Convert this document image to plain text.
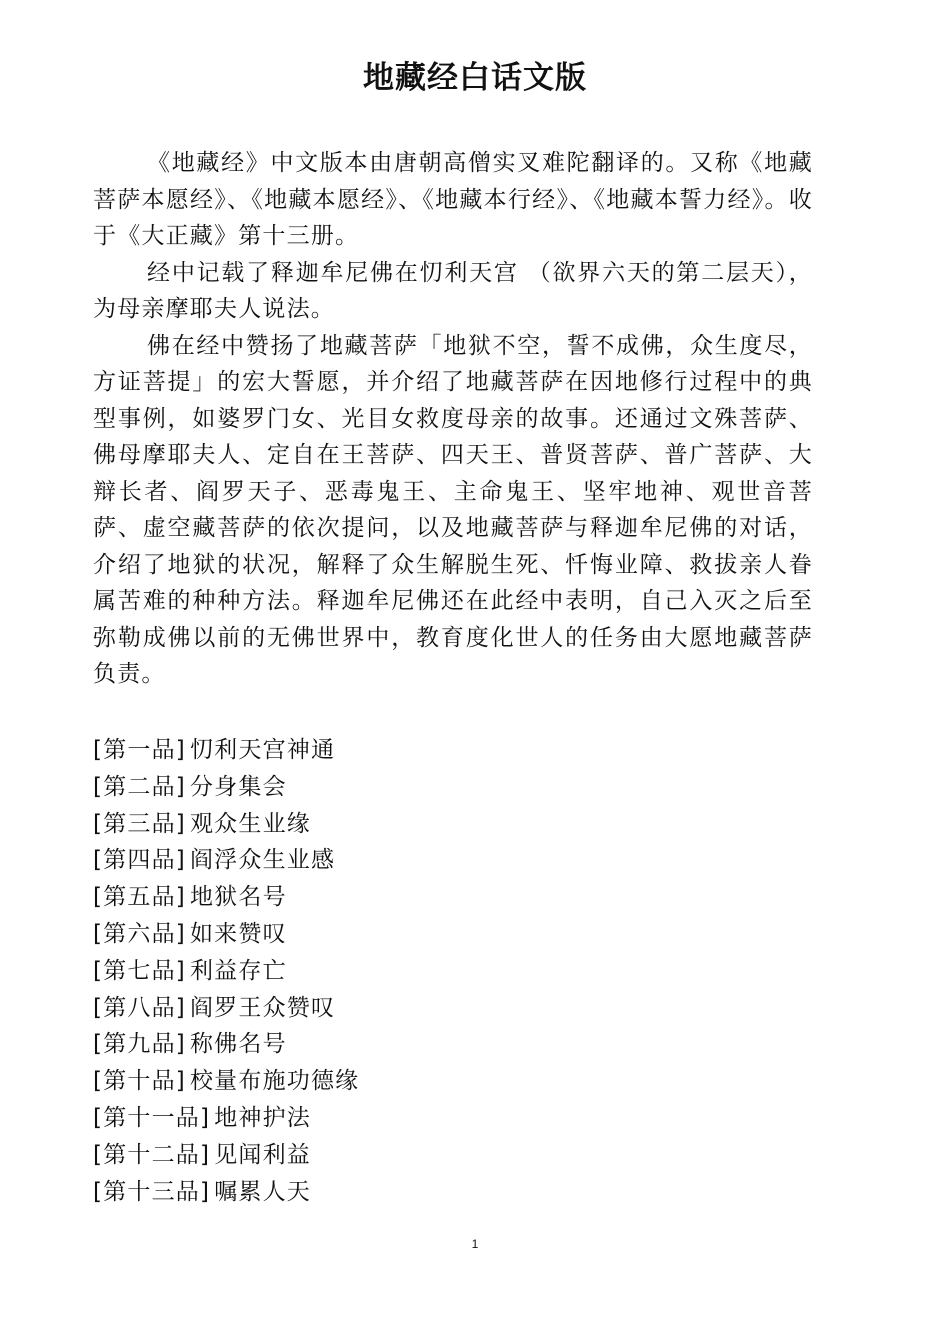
地藏经白话文版

《地藏经》中文版本由唐朝高僧实叉难陀翻译的。又称《地藏菩萨本愿经》、《地藏本愿经》、《地藏本行经》、《地藏本誓力经》。收于《大正藏》第十三册。

经中记载了释迦牟尼佛在忉利天宫 （欲界六天的第二层天），为母亲摩耶夫人说法。

佛在经中赞扬了地藏菩萨「地狱不空，誓不成佛，众生度尽，方证菩提」的宏大誓愿，并介绍了地藏菩萨在因地修行过程中的典型事例，如婆罗门女、光目女救度母亲的故事。还通过文殊菩萨、佛母摩耶夫人、定自在王菩萨、四天王、普贤菩萨、普广菩萨、大辩长者、阎罗天子、恶毒鬼王、主命鬼王、坚牢地神、观世音菩萨、虚空藏菩萨的依次提问，以及地藏菩萨与释迦牟尼佛的对话，介绍了地狱的状况，解释了众生解脱生死、忏悔业障、救拔亲人眷属苦难的种种方法。释迦牟尼佛还在此经中表明，自己入灭之后至弥勒成佛以前的无佛世界中，教育度化世人的任务由大愿地藏菩萨负责。

[第一品] 忉利天宫神通
[第二品] 分身集会
[第三品] 观众生业缘
[第四品] 阎浮众生业感
[第五品] 地狱名号
[第六品] 如来赞叹
[第七品] 利益存亡
[第八品] 阎罗王众赞叹
[第九品] 称佛名号
[第十品] 校量布施功德缘
[第十一品] 地神护法
[第十二品] 见闻利益
[第十三品] 嘱累人天
1
